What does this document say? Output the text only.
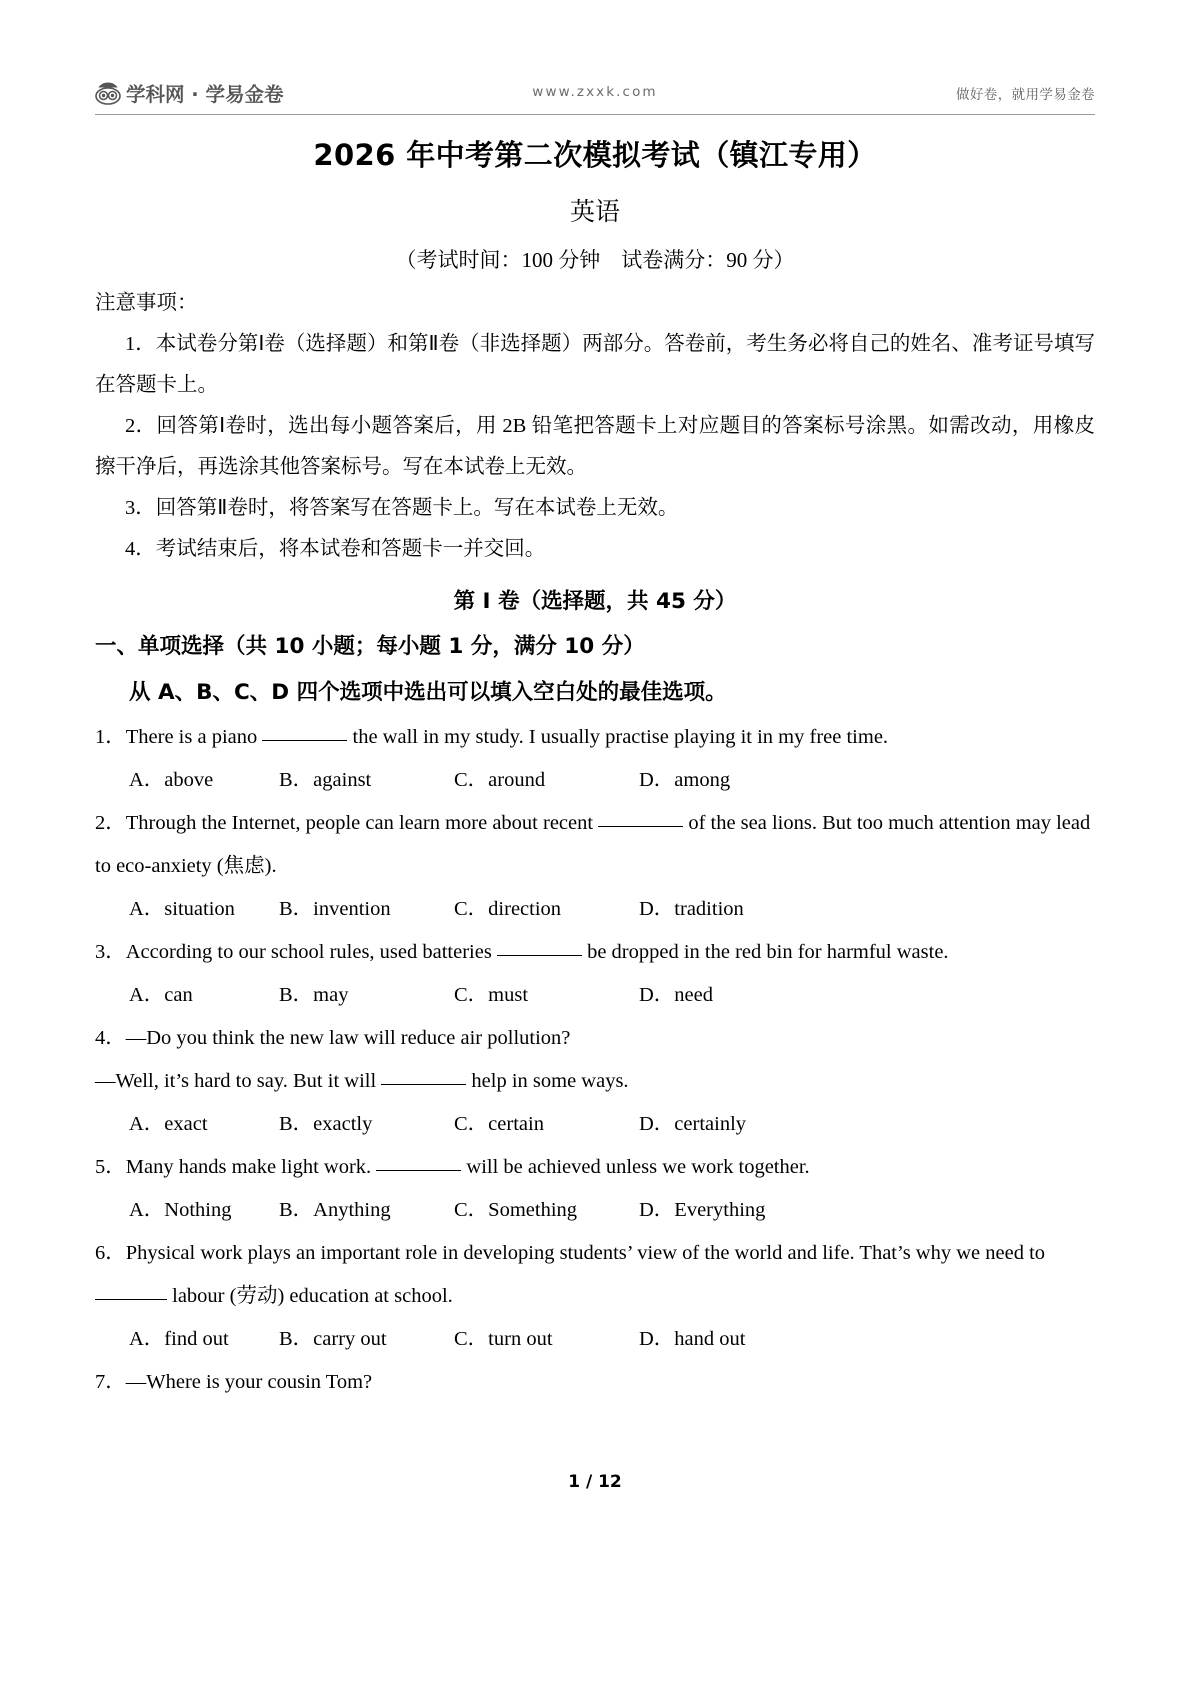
学科网 · 学易金卷	www.zxxk.com	做好卷，就用学易金卷
2026 年中考第二次模拟考试（镇江专用）
英语
（考试时间：100 分钟　试卷满分：90 分）

注意事项：

1．本试卷分第Ⅰ卷（选择题）和第Ⅱ卷（非选择题）两部分。答卷前，考生务必将自己的姓名、准考证号填写在答题卡上。

2．回答第Ⅰ卷时，选出每小题答案后，用 2B 铅笔把答题卡上对应题目的答案标号涂黑。如需改动，用橡皮擦干净后，再选涂其他答案标号。写在本试卷上无效。

3．回答第Ⅱ卷时，将答案写在答题卡上。写在本试卷上无效。

4．考试结束后，将本试卷和答题卡一并交回。

第 I 卷（选择题，共 45 分）

一、单项选择（共 10 小题；每小题 1 分，满分 10 分）

从 A、B、C、D 四个选项中选出可以填入空白处的最佳选项。

1．There is a piano	the wall in my study. I usually practise playing it in my free time.

A．above	B．against	C．around	D．among

2．Through the Internet, people can learn more about recent	of the sea lions. But too much attention may lead to eco-anxiety (焦虑).

A．situation	B．invention	C．direction	D．tradition

3．According to our school rules, used batteries	be dropped in the red bin for harmful waste.

A．can	B．may	C．must	D．need

4．—Do you think the new law will reduce air pollution?

—Well, it’s hard to say. But it will	help in some ways.

A．exact	B．exactly	C．certain	D．certainly

5．Many hands make light work.	will be achieved unless we work together.

A．Nothing	B．Anything	C．Something	D．Everything

6．Physical work plays an important role in developing students’ view of the world and life. That’s why we need to  labour (劳动) education at school.

A．find out	B．carry out	C．turn out	D．hand out

7．—Where is your cousin Tom?

1 / 12
